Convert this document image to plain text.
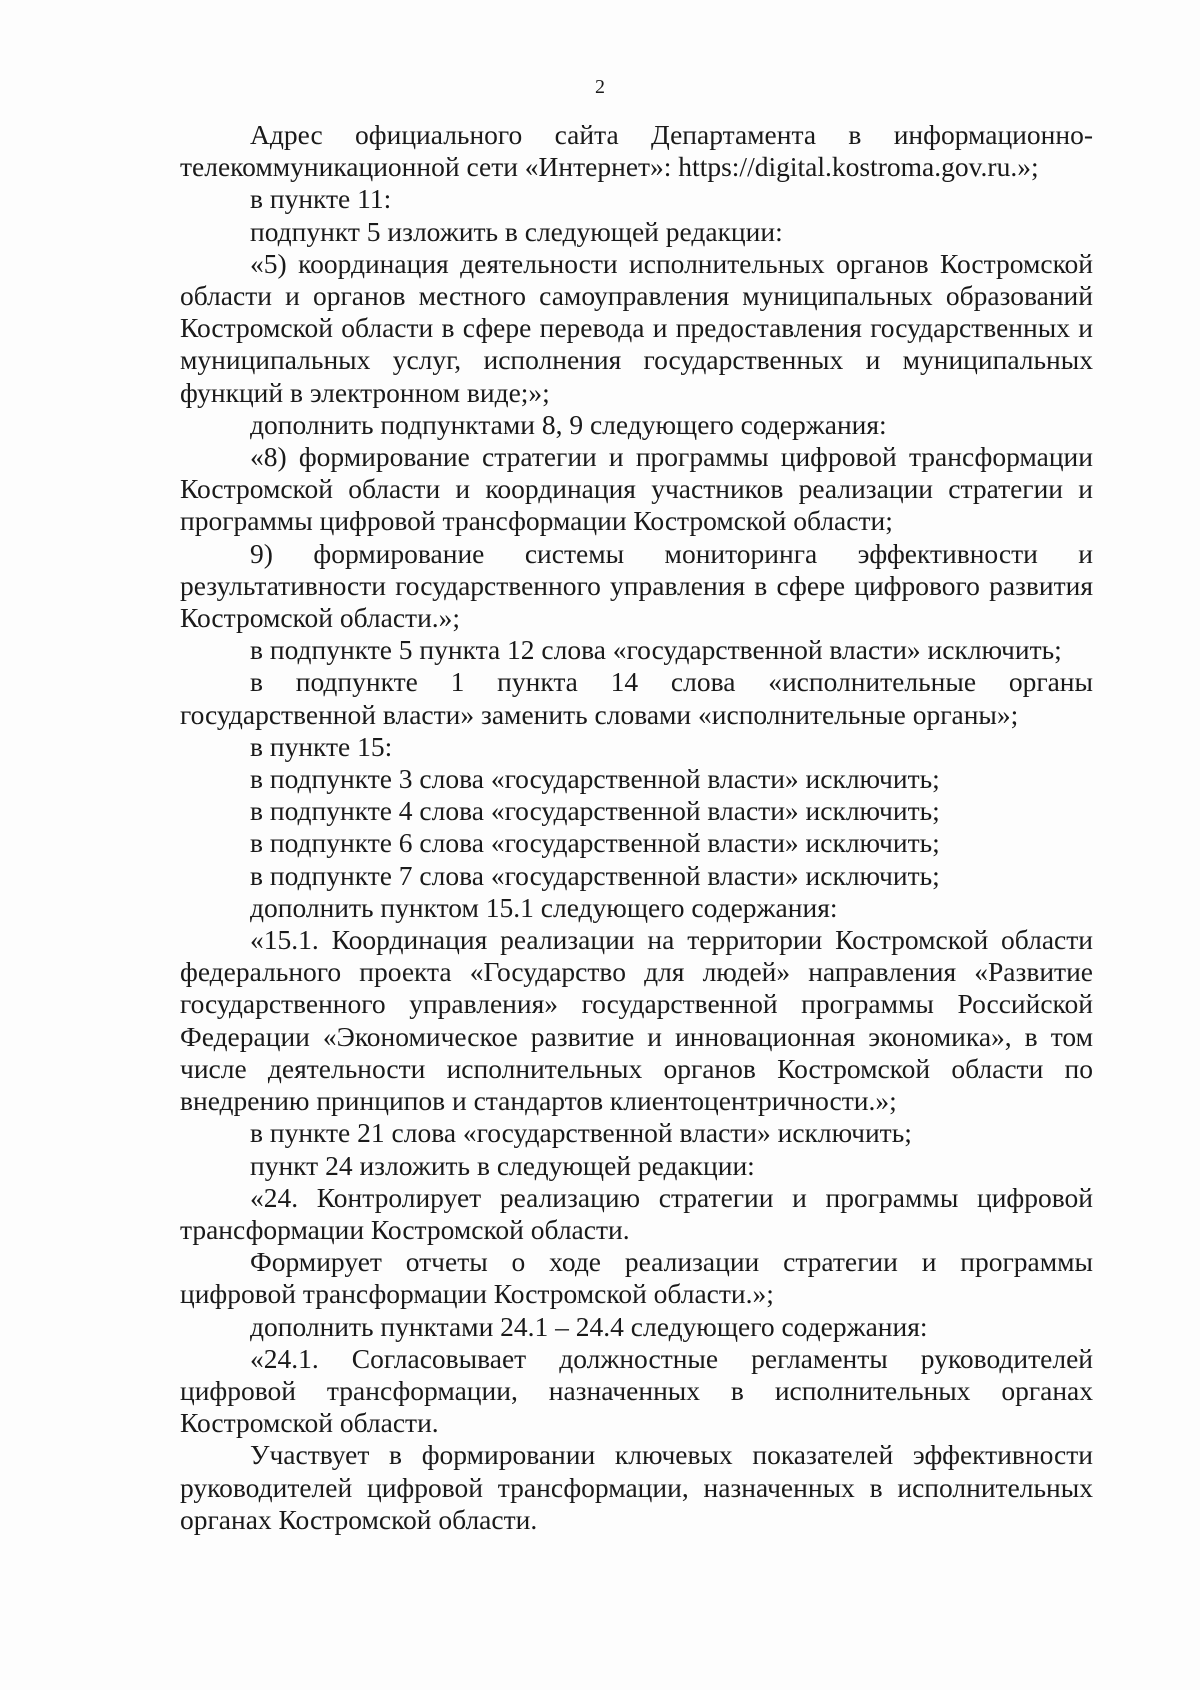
2

Адрес официального сайта Департамента в информационно-телекоммуникационной сети «Интернет»: https://digital.kostroma.gov.ru.»;

в пункте 11:

подпункт 5 изложить в следующей редакции:

«5) координация деятельности исполнительных органов Костромской области и органов местного самоуправления муниципальных образований Костромской области в сфере перевода и предоставления государственных и муниципальных услуг, исполнения государственных и муниципальных функций в электронном виде;»;

дополнить подпунктами 8, 9 следующего содержания:

«8) формирование стратегии и программы цифровой трансформации Костромской области и координация участников реализации стратегии и программы цифровой трансформации Костромской области;

9) формирование системы мониторинга эффективности и результативности государственного управления в сфере цифрового развития Костромской области.»;

в подпункте 5 пункта 12 слова «государственной власти» исключить;

в подпункте 1 пункта 14 слова «исполнительные органы государственной власти» заменить словами «исполнительные органы»;

в пункте 15:

в подпункте 3 слова «государственной власти» исключить;

в подпункте 4 слова «государственной власти» исключить;

в подпункте 6 слова «государственной власти» исключить;

в подпункте 7 слова «государственной власти» исключить;

дополнить пунктом 15.1 следующего содержания:

«15.1. Координация реализации на территории Костромской области федерального проекта «Государство для людей» направления «Развитие государственного управления» государственной программы Российской Федерации «Экономическое развитие и инновационная экономика», в том числе деятельности исполнительных органов Костромской области по внедрению принципов и стандартов клиентоцентричности.»;

в пункте 21 слова «государственной власти» исключить;

пункт 24 изложить в следующей редакции:

«24. Контролирует реализацию стратегии и программы цифровой трансформации Костромской области.

Формирует отчеты о ходе реализации стратегии и программы цифровой трансформации Костромской области.»;

дополнить пунктами 24.1 – 24.4 следующего содержания:

«24.1. Согласовывает должностные регламенты руководителей цифровой трансформации, назначенных в исполнительных органах Костромской области.

Участвует в формировании ключевых показателей эффективности руководителей цифровой трансформации, назначенных в исполнительных органах Костромской области.
